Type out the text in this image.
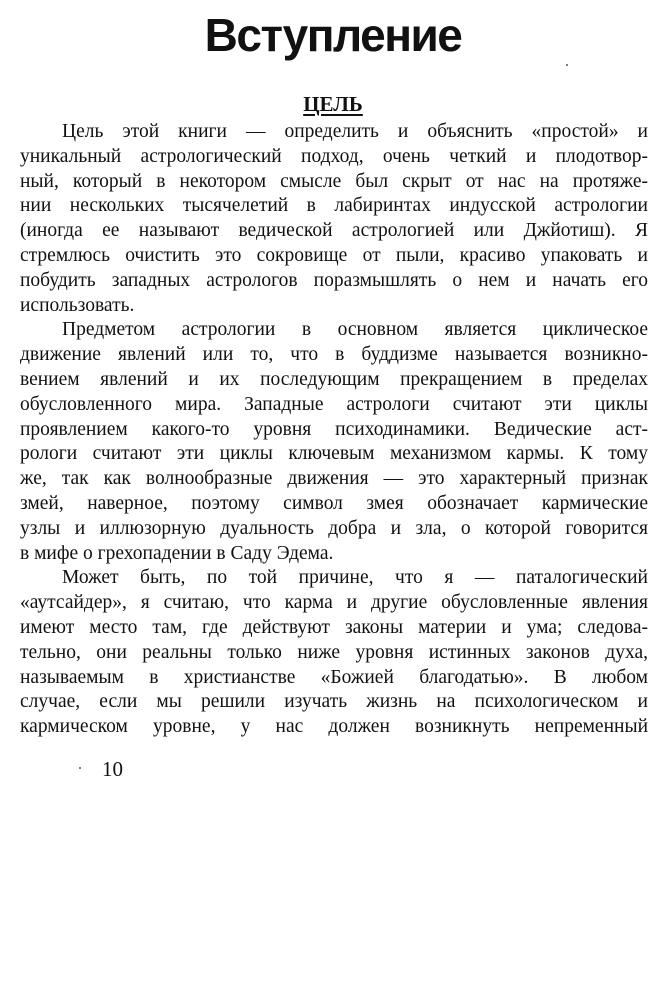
Вступление
ЦЕЛЬ
Цель этой книги — определить и объяснить «простой» и
уникальный астрологический подход, очень четкий и плодотвор-
ный, который в некотором смысле был скрыт от нас на протяже-
нии нескольких тысячелетий в лабиринтах индусской астрологии
(иногда ее называют ведической астрологией или Джйотиш). Я
стремлюсь очистить это сокровище от пыли, красиво упаковать и
побудить западных астрологов поразмышлять о нем и начать его
использовать.
Предметом астрологии в основном является циклическое
движение явлений или то, что в буддизме называется возникно-
вением явлений и их последующим прекращением в пределах
обусловленного мира. Западные астрологи считают эти циклы
проявлением какого-то уровня психодинамики. Ведические аст-
рологи считают эти циклы ключевым механизмом кармы. К тому
же, так как волнообразные движения — это характерный признак
змей, наверное, поэтому символ змея обозначает кармические
узлы и иллюзорную дуальность добра и зла, о которой говорится
в мифе о грехопадении в Саду Эдема.
Может быть, по той причине, что я — паталогический
«аутсайдер», я считаю, что карма и другие обусловленные явления
имеют место там, где действуют законы материи и ума; следова-
тельно, они реальны только ниже уровня истинных законов духа,
называемым в христианстве «Божией благодатью». В любом
случае, если мы решили изучать жизнь на психологическом и
кармическом уровне, у нас должен возникнуть непременный
10
